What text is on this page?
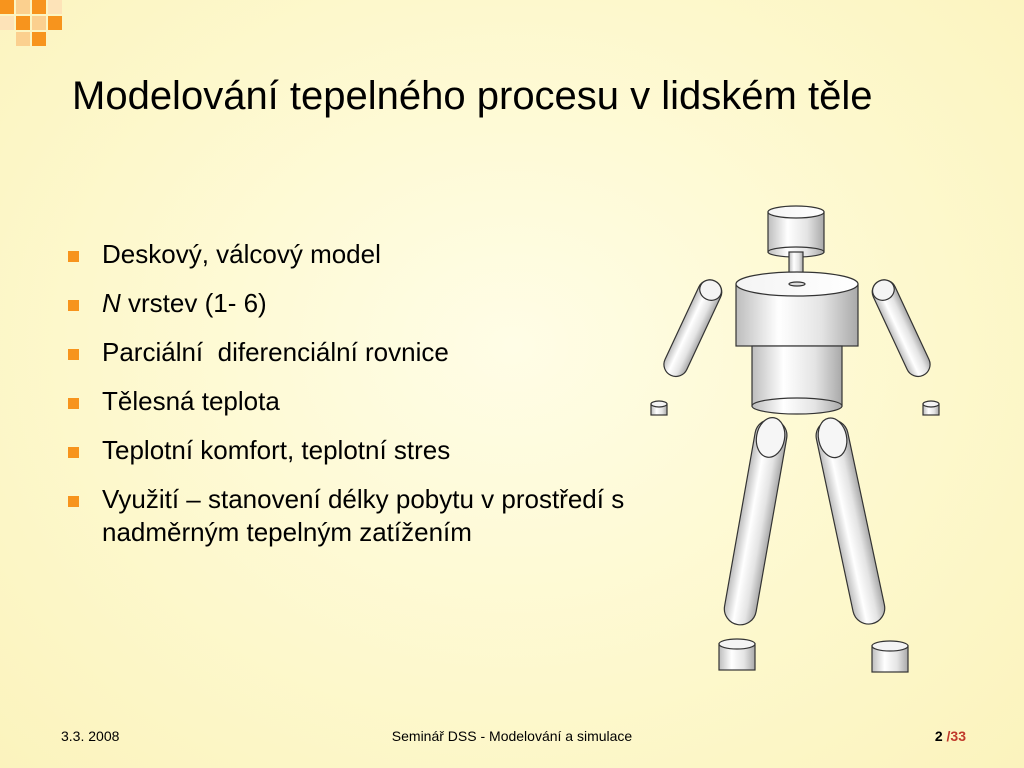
Modelování tepelného procesu v lidském těle
Deskový, válcový model
N vrstev (1- 6)
Parciální  diferenciální rovnice
Tělesná teplota
Teplotní komfort, teplotní stres
Využití – stanovení délky pobytu v prostředí s nadměrným tepelným zatížením
3.3. 2008	Seminář DSS - Modelování a simulace	2 /33
